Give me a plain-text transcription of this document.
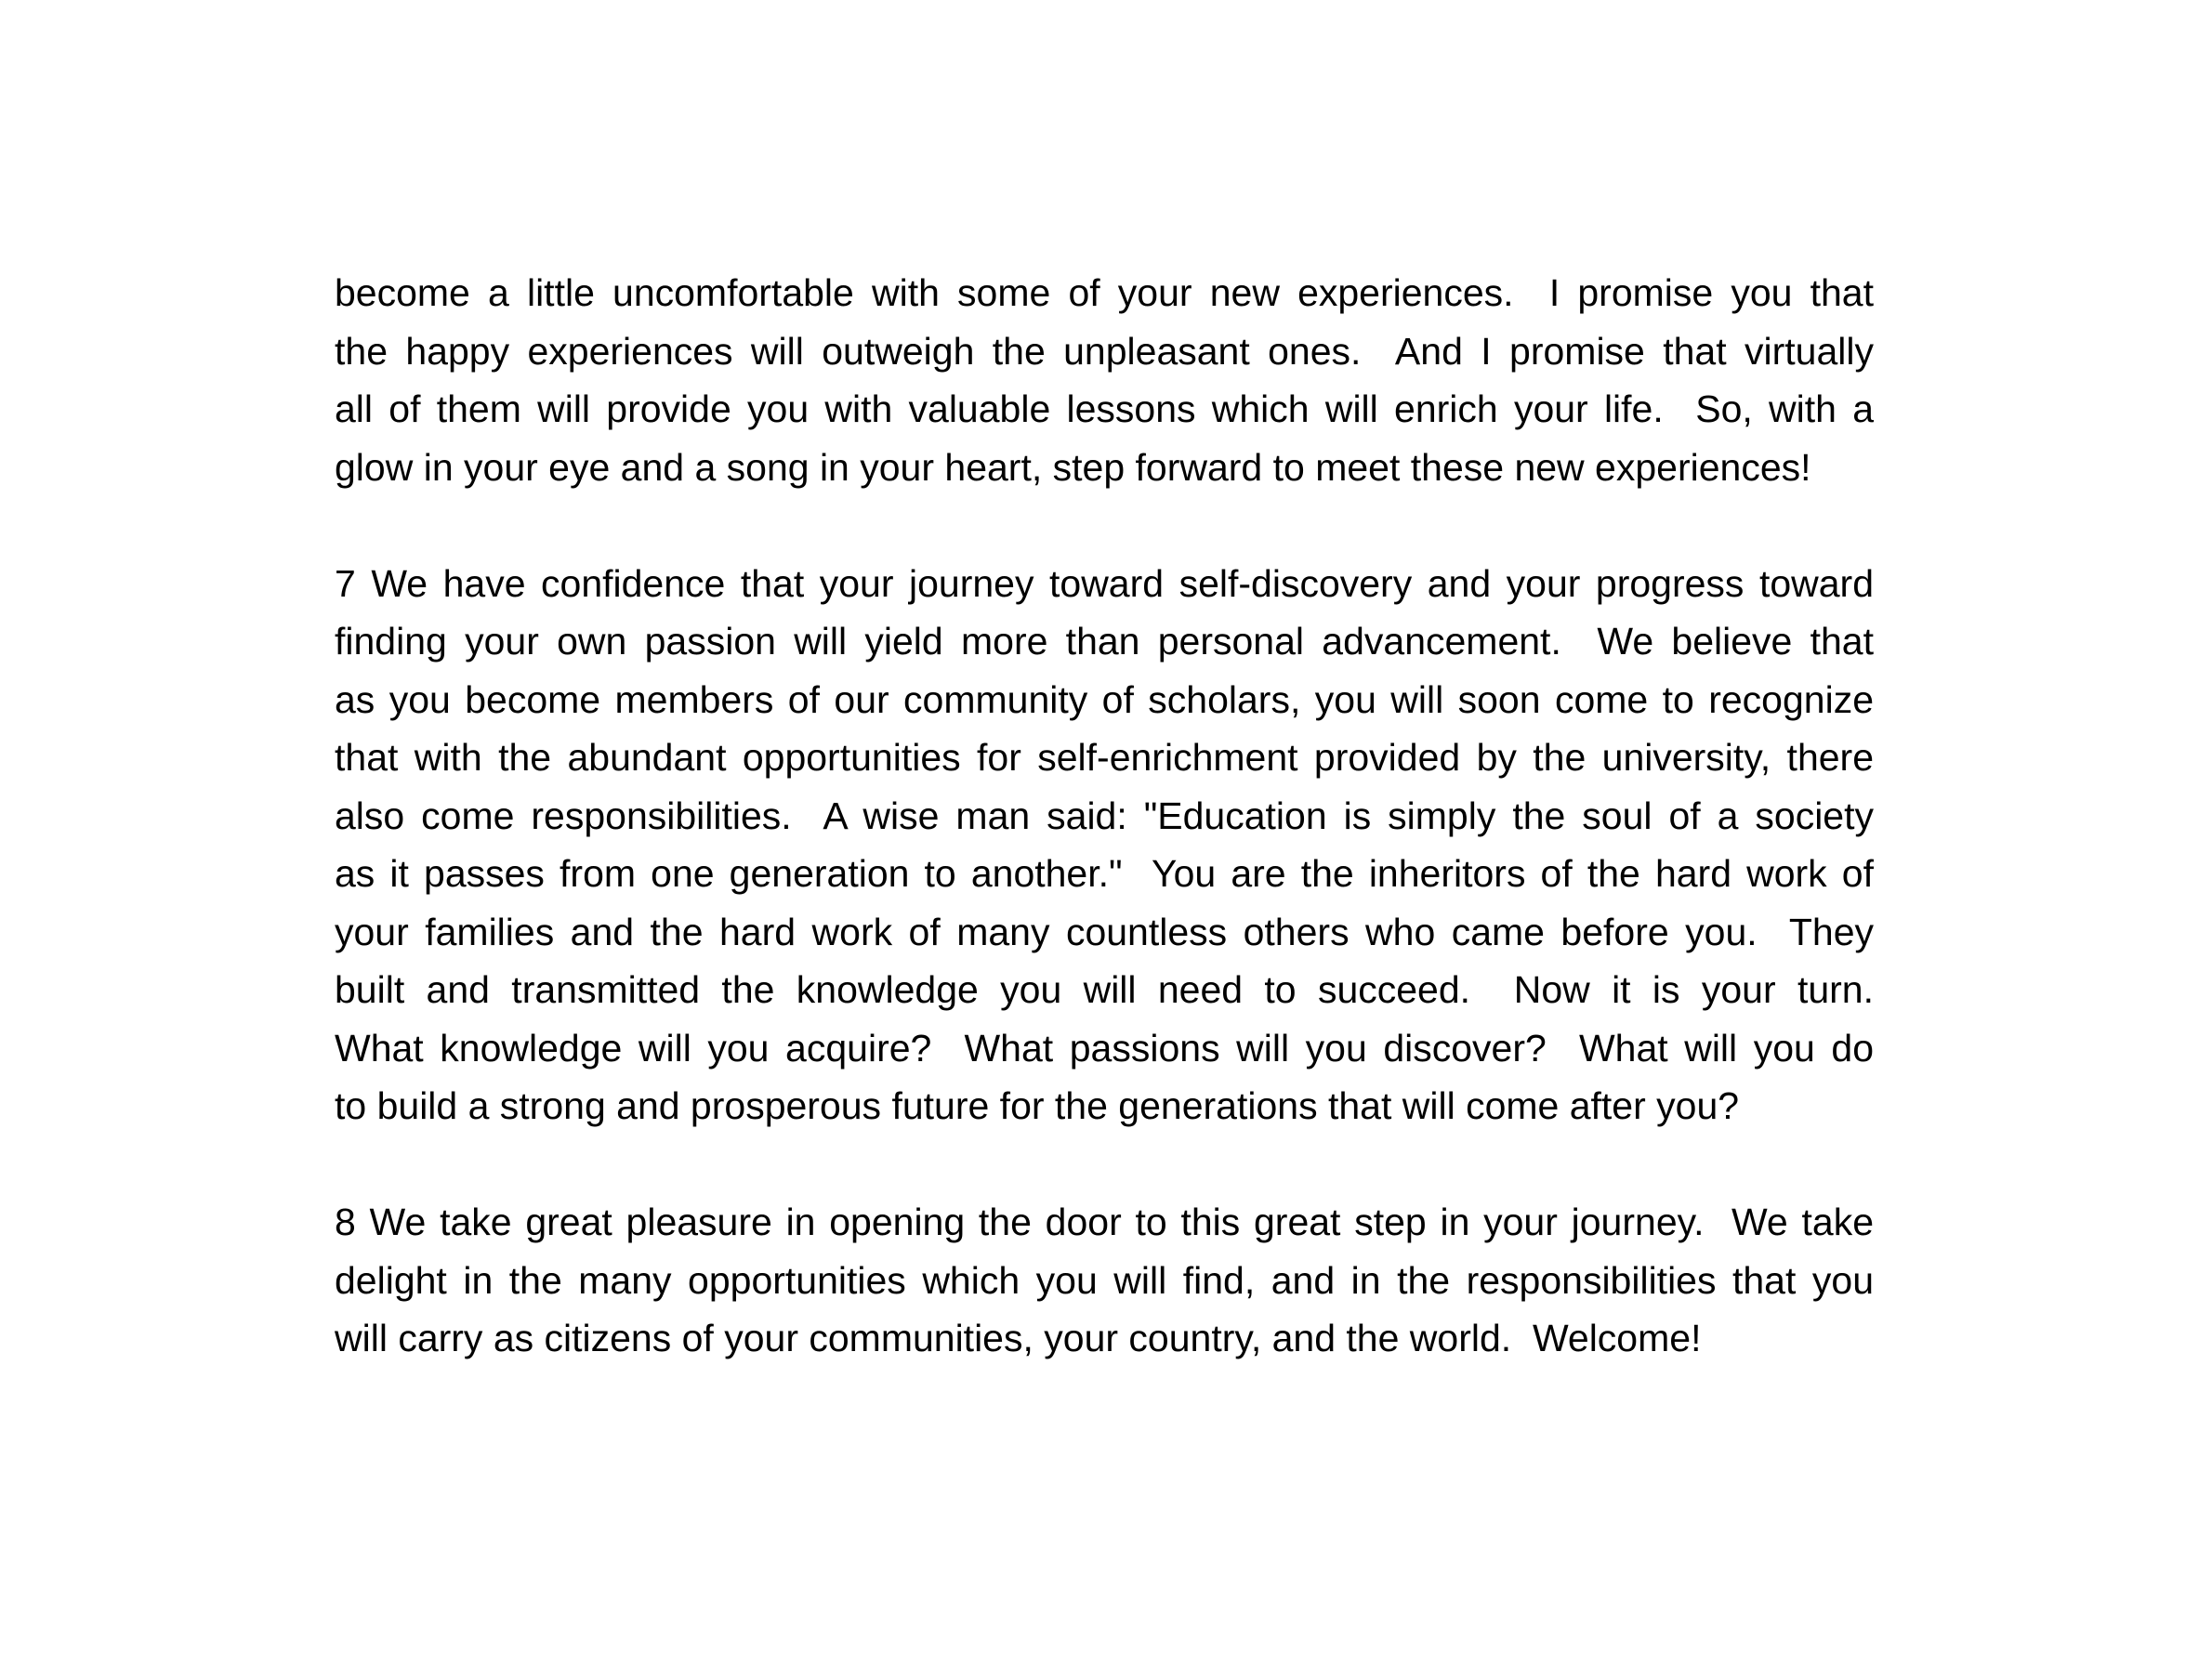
become a little uncomfortable with some of your new experiences.  I promise you that
the happy experiences will outweigh the unpleasant ones.  And I promise that virtually
all of them will provide you with valuable lessons which will enrich your life.  So, with a
glow in your eye and a song in your heart, step forward to meet these new experiences!

7 We have confidence that your journey toward self-discovery and your progress toward
finding your own passion will yield more than personal advancement.  We believe that
as you become members of our community of scholars, you will soon come to recognize
that with the abundant opportunities for self-enrichment provided by the university, there
also come responsibilities.  A wise man said: "Education is simply the soul of a society
as it passes from one generation to another."  You are the inheritors of the hard work of
your families and the hard work of many countless others who came before you.  They
built and transmitted the knowledge you will need to succeed.  Now it is your turn.
What knowledge will you acquire?  What passions will you discover?  What will you do
to build a strong and prosperous future for the generations that will come after you?

8 We take great pleasure in opening the door to this great step in your journey.  We take
delight in the many opportunities which you will find, and in the responsibilities that you
will carry as citizens of your communities, your country, and the world.  Welcome!
